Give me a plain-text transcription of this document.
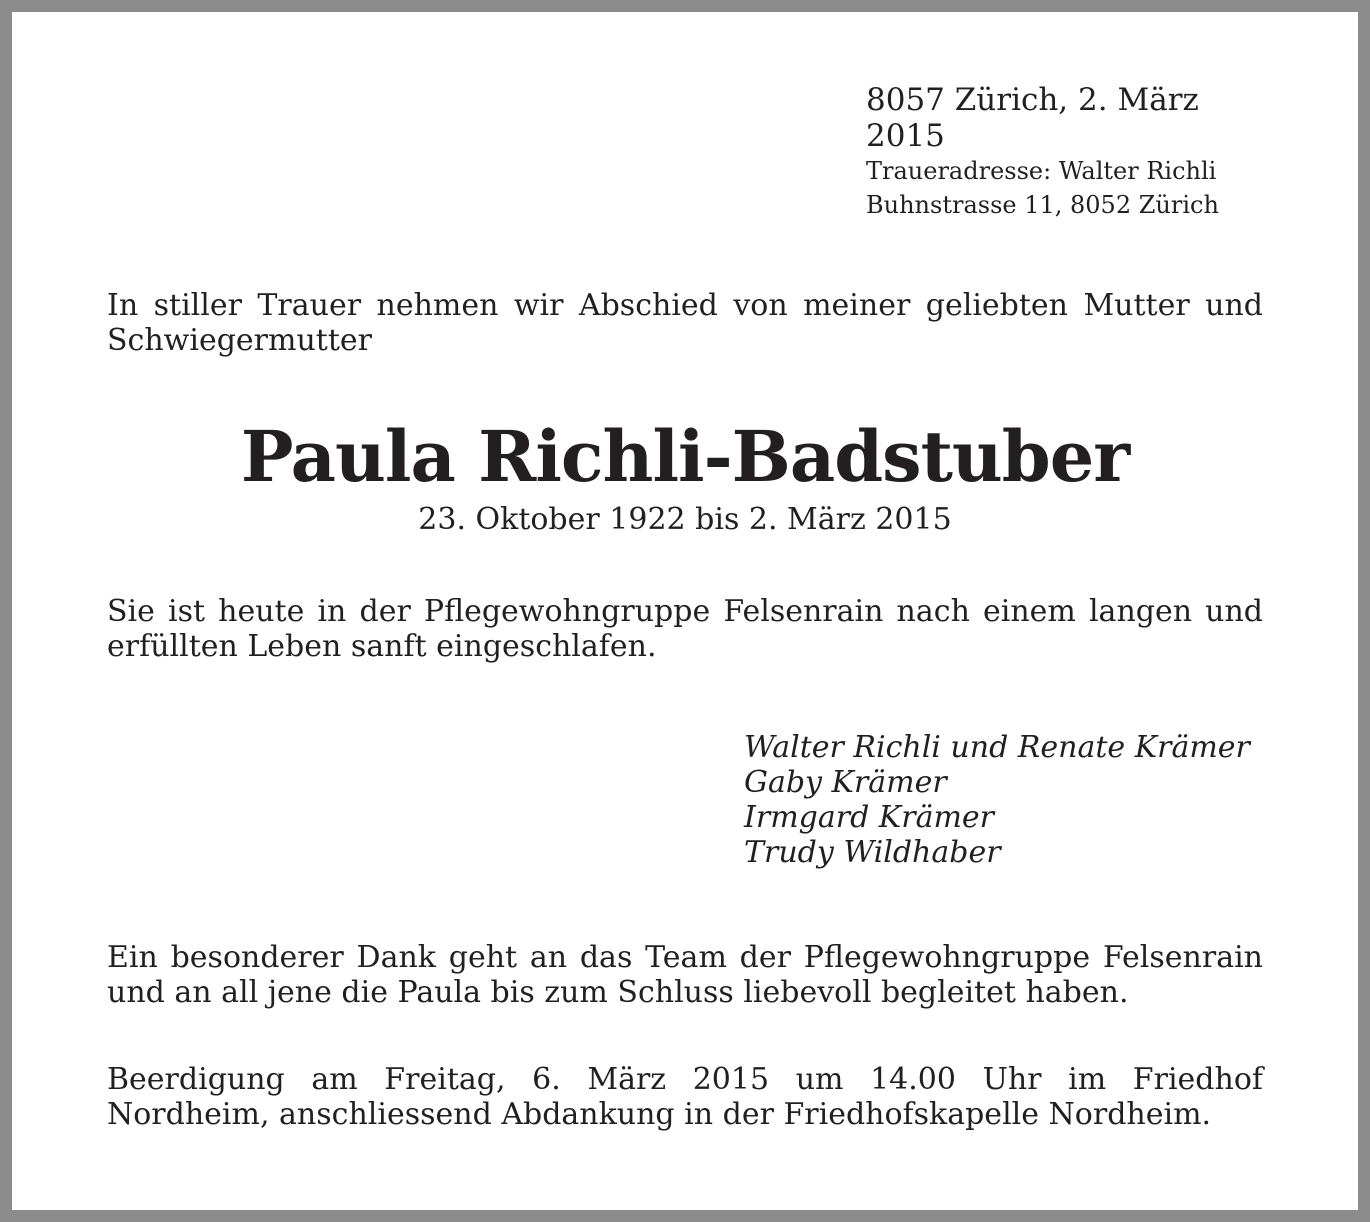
8057 Zürich, 2. März 2015
Traueradresse: Walter Richli
Buhnstrasse 11, 8052 Zürich
In stiller Trauer nehmen wir Abschied von meiner geliebten Mutter und Schwiegermutter
Paula Richli-Badstuber
23. Oktober 1922 bis 2. März 2015
Sie ist heute in der Pflegewohngruppe Felsenrain nach einem langen und erfüllten Leben sanft eingeschlafen.
Walter Richli und Renate Krämer
Gaby Krämer
Irmgard Krämer
Trudy Wildhaber
Ein besonderer Dank geht an das Team der Pflegewohngruppe Felsenrain und an all jene die Paula bis zum Schluss liebevoll begleitet haben.
Beerdigung am Freitag, 6. März 2015 um 14.00 Uhr im Friedhof Nordheim, anschliessend Abdankung in der Friedhofskapelle Nordheim.
